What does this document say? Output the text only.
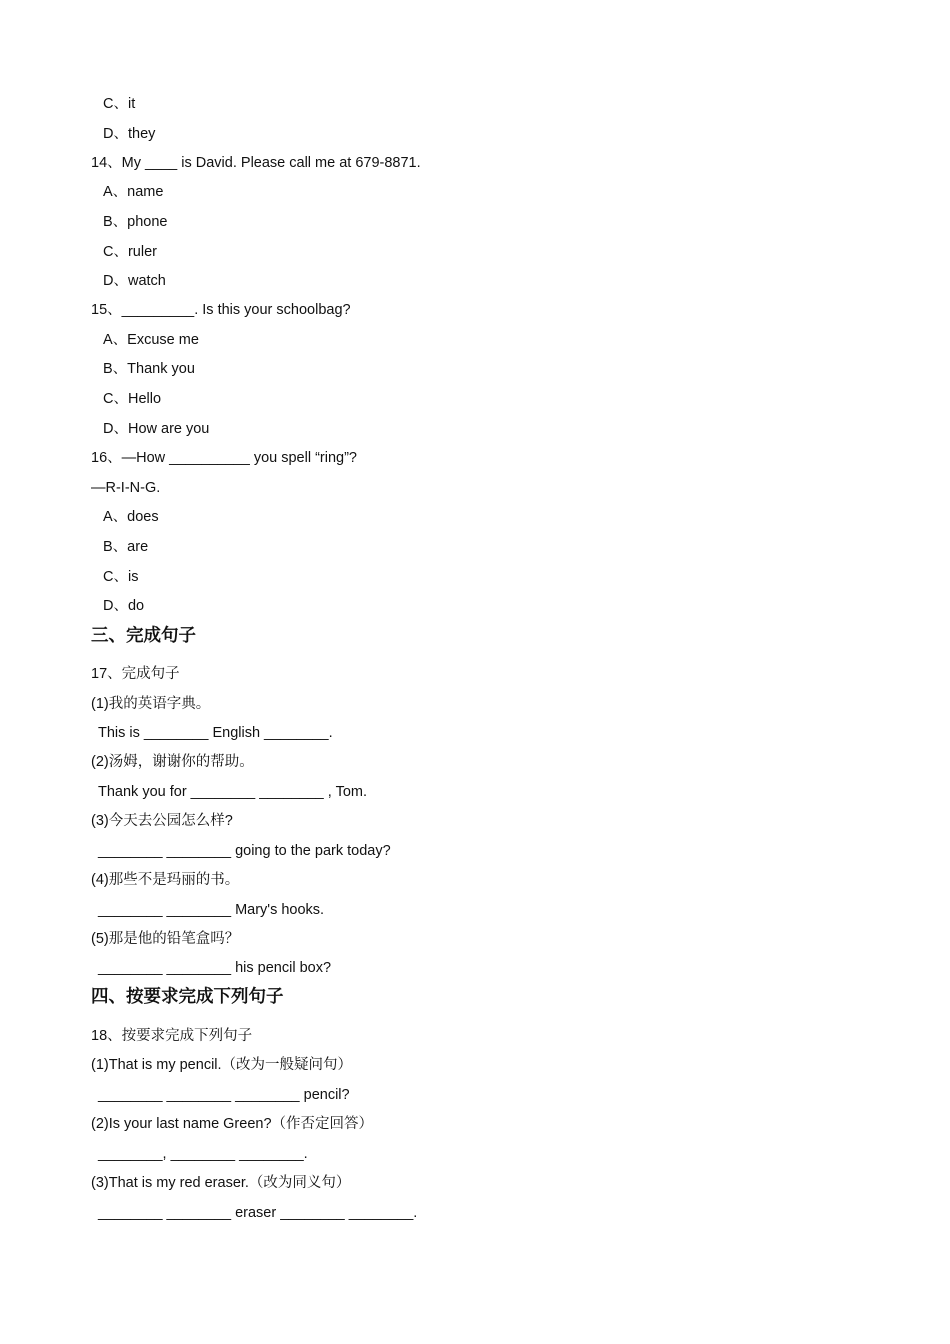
C、it
D、they
14、My ____ is David. Please call me at 679-8871.
A、name
B、phone
C、ruler
D、watch
15、_________. Is this your schoolbag?
A、Excuse me
B、Thank you
C、Hello
D、How are you
16、—How __________ you spell “ring”?
—R-I-N-G.
A、does
B、are
C、is
D、do
三、完成句子
17、完成句子
(1)我的英语字典。
This is ________ English ________.
(2)汤姆，谢谢你的帮助。
Thank you for ________ ________ , Tom.
(3)今天去公园怎么样?
________ ________ going to the park today?
(4)那些不是玛丽的书。
________ ________ Mary's hooks.
(5)那是他的铅笔盒吗？
________ ________ his pencil box?
四、按要求完成下列句子
18、按要求完成下列句子
(1)That is my pencil.（改为一般疑问句）
________ ________ ________ pencil?
(2)Is your last name Green?（作否定回答）
________, ________ ________.
(3)That is my red eraser.（改为同义句）
________ ________ eraser ________ ________.
